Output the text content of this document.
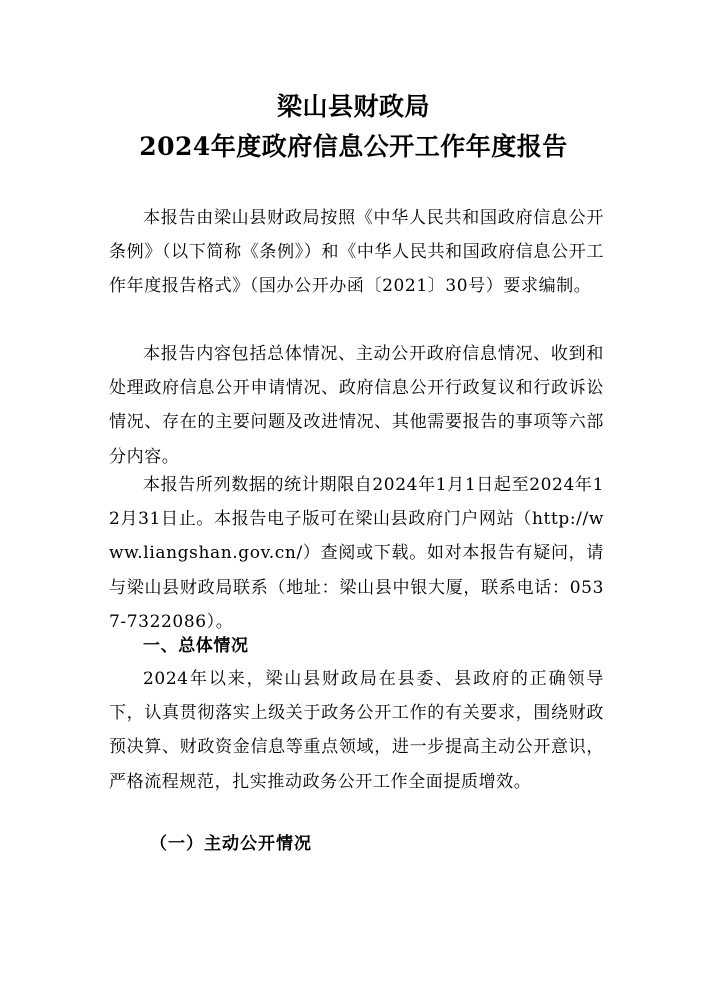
梁山县财政局
2024年度政府信息公开工作年度报告
本报告由梁山县财政局按照《中华人民共和国政府信息公开条例》（以下简称《条例》）和《中华人民共和国政府信息公开工作年度报告格式》（国办公开办函〔2021〕30号）要求编制。
本报告内容包括总体情况、主动公开政府信息情况、收到和处理政府信息公开申请情况、政府信息公开行政复议和行政诉讼情况、存在的主要问题及改进情况、其他需要报告的事项等六部分内容。
本报告所列数据的统计期限自2024年1月1日起至2024年12月31日止。本报告电子版可在梁山县政府门户网站（http://www.liangshan.gov.cn/）查阅或下载。如对本报告有疑问，请与梁山县财政局联系（地址：梁山县中银大厦，联系电话：0537-7322086）。
一、总体情况
2024年以来，梁山县财政局在县委、县政府的正确领导下，认真贯彻落实上级关于政务公开工作的有关要求，围绕财政预决算、财政资金信息等重点领域，进一步提高主动公开意识，严格流程规范，扎实推动政务公开工作全面提质增效。
（一）主动公开情况
